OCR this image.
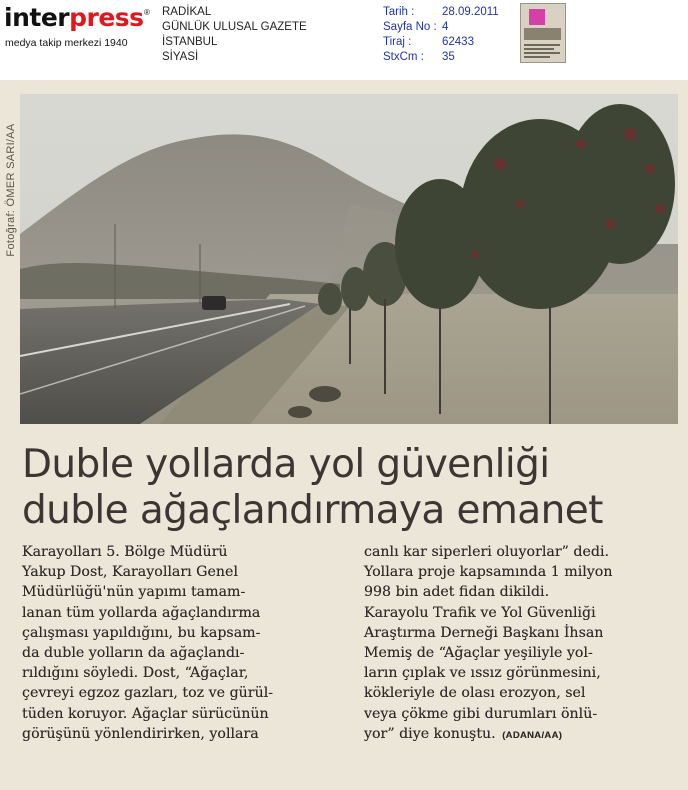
interpress ®
medya takip merkezi 1940
RADİKAL
GÜNLÜK ULUSAL GAZETE
İSTANBUL
SİYASİ
Tarih :	28.09.2011
Sayfa No : 4
Tiraj :	62433
StxCm :	35
Fotoğraf: ÖMER SARI/AA
Duble yollarda yol güvenliği
duble ağaçlandırmaya emanet
Karayolları 5. Bölge Müdürü
Yakup Dost, Karayolları Genel
Müdürlüğü'nün yapımı tamam-
lanan tüm yollarda ağaçlandırma
çalışması yapıldığını, bu kapsam-
da duble yolların da ağaçlandı-
rıldığını söyledi. Dost, “Ağaçlar,
çevreyi egzoz gazları, toz ve gürül-
tüden koruyor. Ağaçlar sürücünün
görüşünü yönlendirirken, yollara
canlı kar siperleri oluyorlar” dedi.
Yollara proje kapsamında 1 milyon
998 bin adet fidan dikildi.
Karayolu Trafik ve Yol Güvenliği
Araştırma Derneği Başkanı İhsan
Memiş de “Ağaçlar yeşiliyle yol-
ların çıplak ve ıssız görünmesini,
kökleriyle de olası erozyon, sel
veya çökme gibi durumları önlü-
yor” diye konuştu. (ADANA/AA)
